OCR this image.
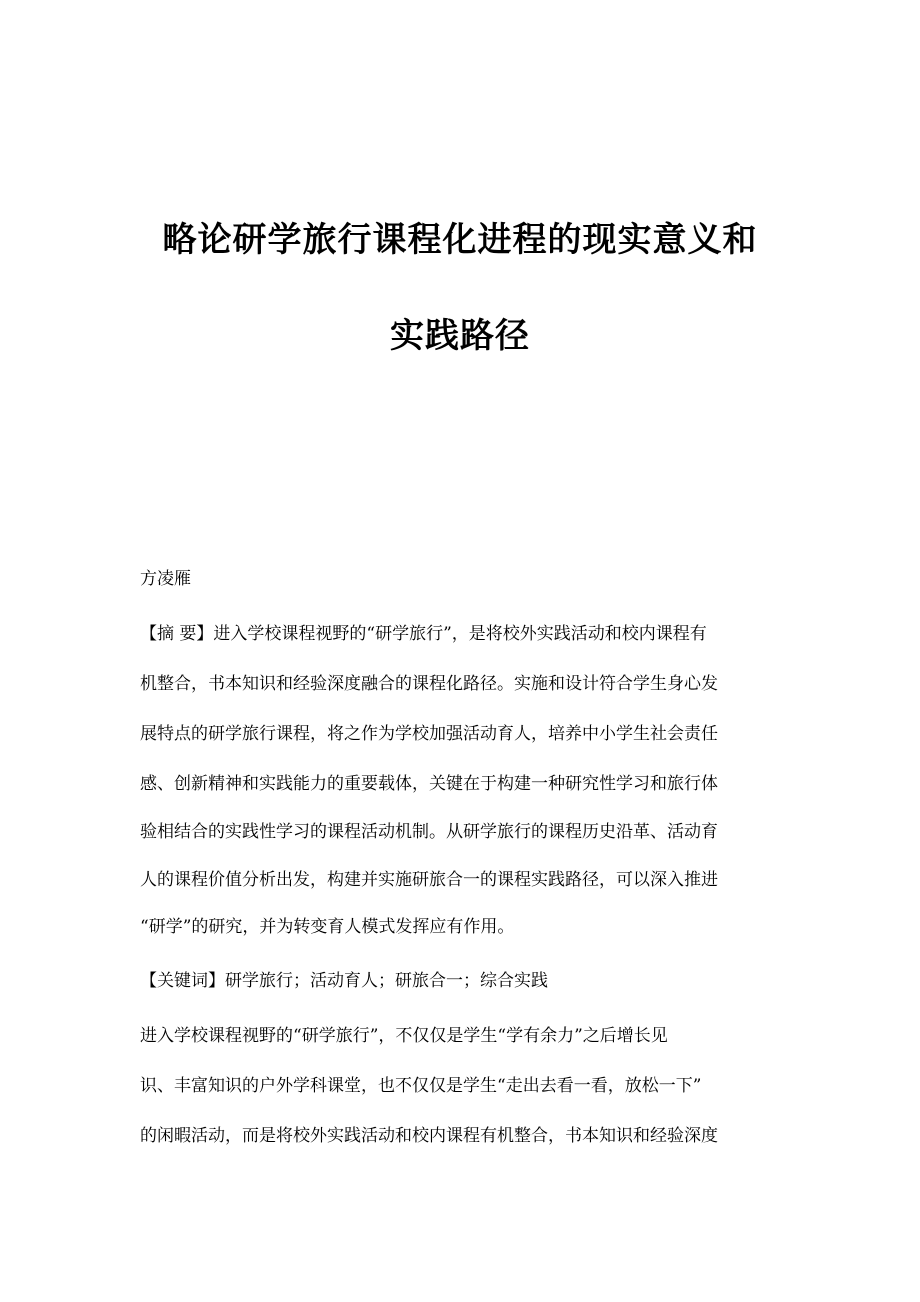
略论研学旅行课程化进程的现实意义和
实践路径
方凌雁
【摘 要】进入学校课程视野的“研学旅行”，是将校外实践活动和校内课程有
机整合，书本知识和经验深度融合的课程化路径。实施和设计符合学生身心发
展特点的研学旅行课程，将之作为学校加强活动育人，培养中小学生社会责任
感、创新精神和实践能力的重要载体，关键在于构建一种研究性学习和旅行体
验相结合的实践性学习的课程活动机制。从研学旅行的课程历史沿革、活动育
人的课程价值分析出发，构建并实施研旅合一的课程实践路径，可以深入推进
“研学”的研究，并为转变育人模式发挥应有作用。
【关键词】研学旅行；活动育人；研旅合一；综合实践
进入学校课程视野的“研学旅行”，不仅仅是学生“学有余力”之后增长见
识、丰富知识的户外学科课堂，也不仅仅是学生“走出去看一看，放松一下”
的闲暇活动，而是将校外实践活动和校内课程有机整合，书本知识和经验深度
